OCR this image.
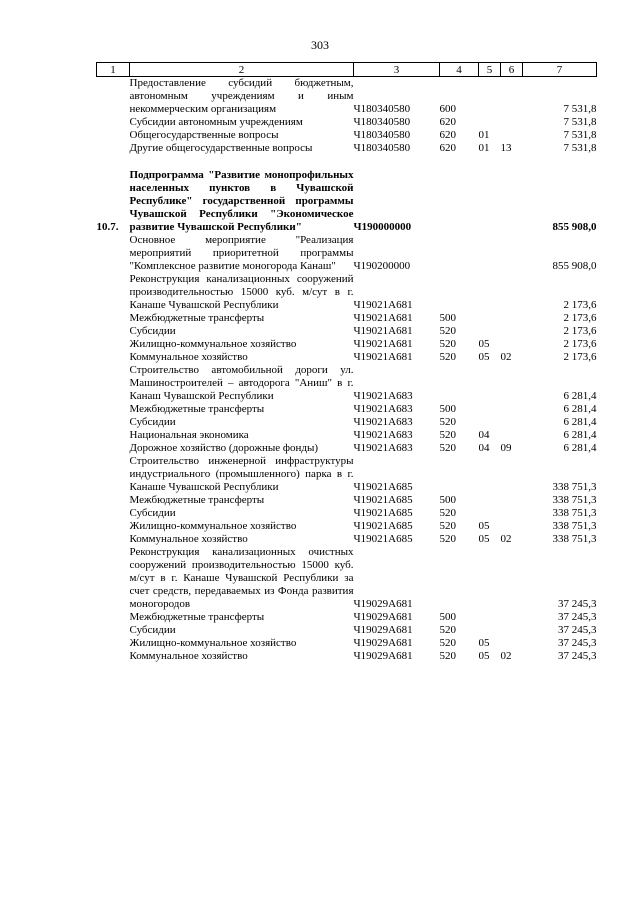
303
1	2	3	4	5	6	7
	Предоставление субсидий бюджетным, автономным учреждениям и иным некоммерческим организациям	Ч180340580	600			7 531,8
	Субсидии автономным учреждениям	Ч180340580	620			7 531,8
	Общегосударственные вопросы	Ч180340580	620	01		7 531,8
	Другие общегосударственные вопросы	Ч180340580	620	01	13	7 531,8

10.7.	Подпрограмма "Развитие монопрофильных населенных пунктов в Чувашской Республике" государственной программы Чувашской Республики "Экономическое развитие Чувашской Республики"	Ч190000000				855 908,0
	Основное мероприятие "Реализация мероприятий приоритетной программы "Комплексное развитие моногорода Канаш"	Ч190200000				855 908,0
	Реконструкция канализационных сооружений производительностью 15000 куб. м/сут в г. Канаше Чувашской Республики	Ч19021А681				2 173,6
	Межбюджетные трансферты	Ч19021А681	500			2 173,6
	Субсидии	Ч19021А681	520			2 173,6
	Жилищно-коммунальное хозяйство	Ч19021А681	520	05		2 173,6
	Коммунальное хозяйство	Ч19021А681	520	05	02	2 173,6
	Строительство автомобильной дороги ул. Машиностроителей – автодорога "Аниш" в г. Канаш Чувашской Республики	Ч19021А683				6 281,4
	Межбюджетные трансферты	Ч19021А683	500			6 281,4
	Субсидии	Ч19021А683	520			6 281,4
	Национальная экономика	Ч19021А683	520	04		6 281,4
	Дорожное хозяйство (дорожные фонды)	Ч19021А683	520	04	09	6 281,4
	Строительство инженерной инфраструктуры индустриального (промышленного) парка в г. Канаше Чувашской Республики	Ч19021А685				338 751,3
	Межбюджетные трансферты	Ч19021А685	500			338 751,3
	Субсидии	Ч19021А685	520			338 751,3
	Жилищно-коммунальное хозяйство	Ч19021А685	520	05		338 751,3
	Коммунальное хозяйство	Ч19021А685	520	05	02	338 751,3
	Реконструкция канализационных очистных сооружений производительностью 15000 куб. м/сут в г. Канаше Чувашской Республики за счет средств, передаваемых из Фонда развития моногородов	Ч19029А681				37 245,3
	Межбюджетные трансферты	Ч19029А681	500			37 245,3
	Субсидии	Ч19029А681	520			37 245,3
	Жилищно-коммунальное хозяйство	Ч19029А681	520	05		37 245,3
	Коммунальное хозяйство	Ч19029А681	520	05	02	37 245,3
